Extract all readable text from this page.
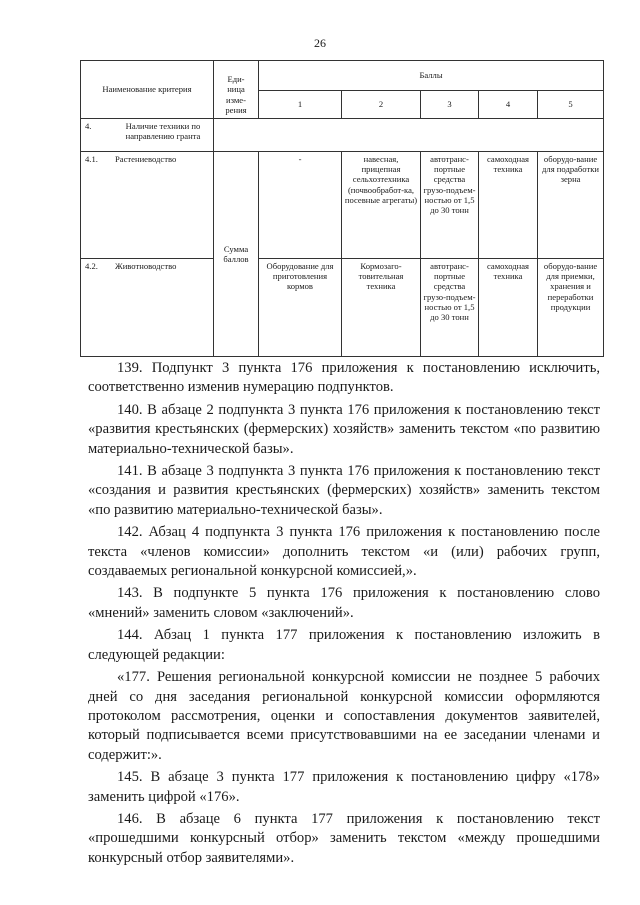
26
Наименование критерия	Еди-
ница
изме-
рения	Баллы				
		1	2	3	4	5

4. Наличие техники по направлению гранта						

4.1. Растениеводство	Сумма баллов	-	навесная, прицепная сельхозтехника (почвообработ-ка, посевные агрегаты)	автотранс-портные средства грузо-подъем-ностью от 1,5 до 30 тонн	самоходная техника	оборудо-вание для подработки зерна

4.2. Животноводство		Оборудование для приготовления кормов	Кормозаго-товительная техника	автотранс-портные средства грузо-подъем-ностью от 1,5 до 30 тонн	самоходная техника	оборудо-вание для приемки, хранения и переработки продукции

139. Подпункт 3 пункта 176 приложения к постановлению исключить, соответственно изменив нумерацию подпунктов.

140. В абзаце 2 подпункта 3 пункта 176 приложения к постановлению текст «развития крестьянских (фермерских) хозяйств» заменить текстом «по развитию материально-технической базы».

141. В абзаце 3 подпункта 3 пункта 176 приложения к постановлению текст «создания и развития крестьянских (фермерских) хозяйств» заменить текстом «по развитию материально-технической базы».

142. Абзац 4 подпункта 3 пункта 176 приложения к постановлению после текста «членов комиссии» дополнить текстом «и (или) рабочих групп, создаваемых региональной конкурсной комиссией,».

143. В подпункте 5 пункта 176 приложения к постановлению слово «мнений» заменить словом «заключений».

144. Абзац 1 пункта 177 приложения к постановлению изложить в следующей редакции:

«177. Решения региональной конкурсной комиссии не позднее 5 рабочих дней со дня заседания региональной конкурсной комиссии оформляются протоколом рассмотрения, оценки и сопоставления документов заявителей, который подписывается всеми присутствовавшими на ее заседании членами и содержит:».

145. В абзаце 3 пункта 177 приложения к постановлению цифру «178» заменить цифрой «176».

146. В абзаце 6 пункта 177 приложения к постановлению текст «прошедшими конкурсный отбор» заменить текстом «между прошедшими конкурсный отбор заявителями».
